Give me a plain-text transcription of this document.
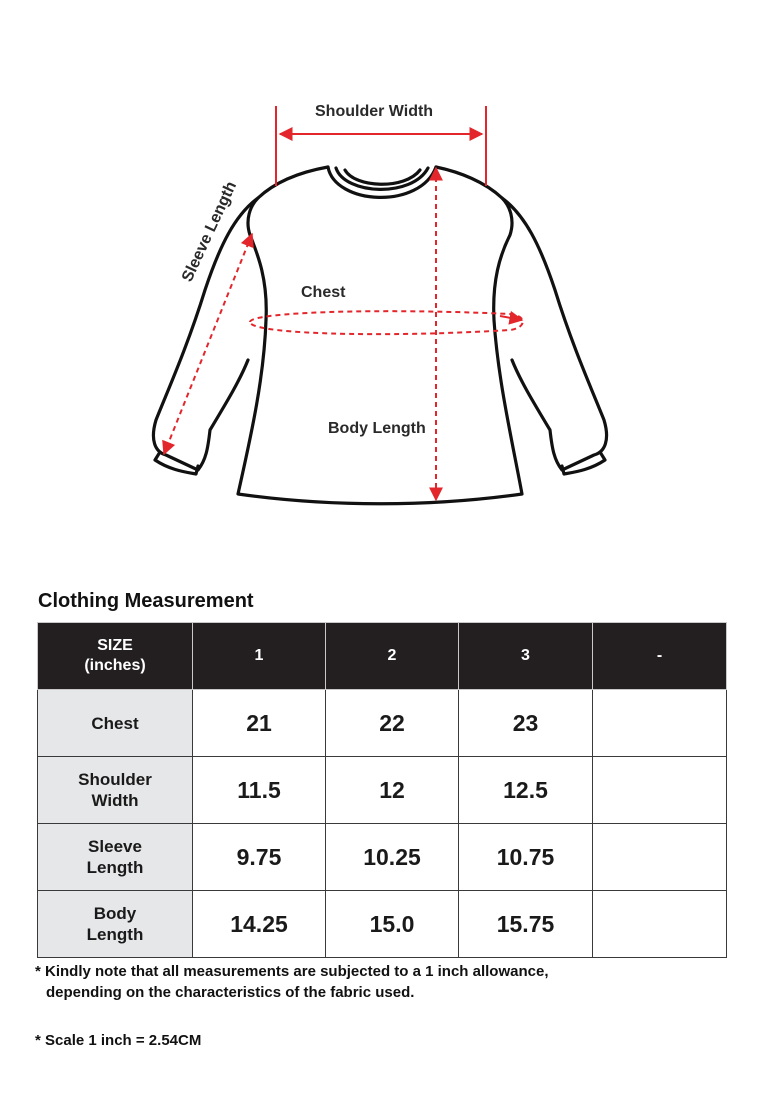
Shoulder Width
Sleeve Length
Chest
Body Length
Clothing Measurement
SIZE
(inches)	1	2	3	-
Chest	21	22	23	
Shoulder
Width	11.5	12	12.5	
Sleeve
Length	9.75	10.25	10.75	
Body
Length	14.25	15.0	15.75	
* Kindly note that all measurements are subjected to a 1 inch allowance,
depending on the characteristics of the fabric used.
* Scale 1 inch = 2.54CM
